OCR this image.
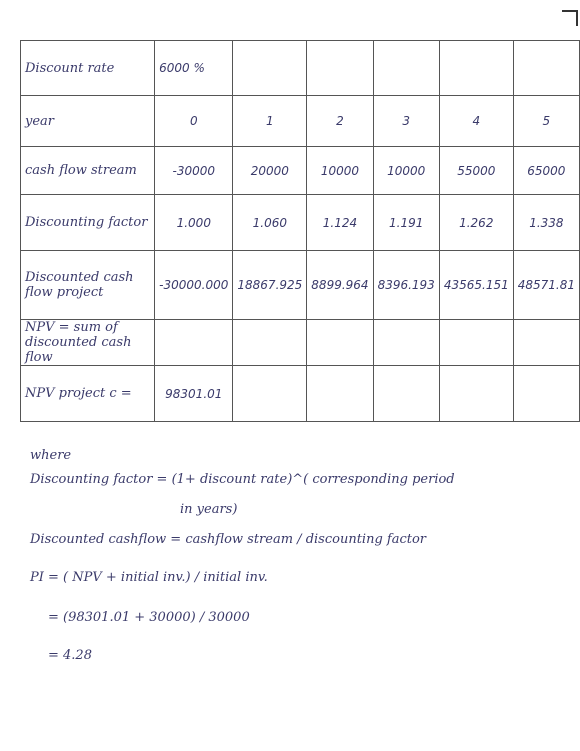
Discount rate	6000 %					
year	0	1	2	3	4	5
cash flow stream	-30000	20000	10000	10000	55000	65000
Discounting factor	1.000	1.060	1.124	1.191	1.262	1.338
Discounted cash flow project	-30000.000	18867.925	8899.964	8396.193	43565.151	48571.81
NPV = sum of discounted cash flow						
NPV project c =	98301.01					
where
Discounting factor = (1+ discount rate)^( corresponding period
in years)
Discounted cashflow = cashflow stream / discounting factor
PI = ( NPV + initial inv.) / initial inv.
= (98301.01 + 30000) / 30000
= 4.28
